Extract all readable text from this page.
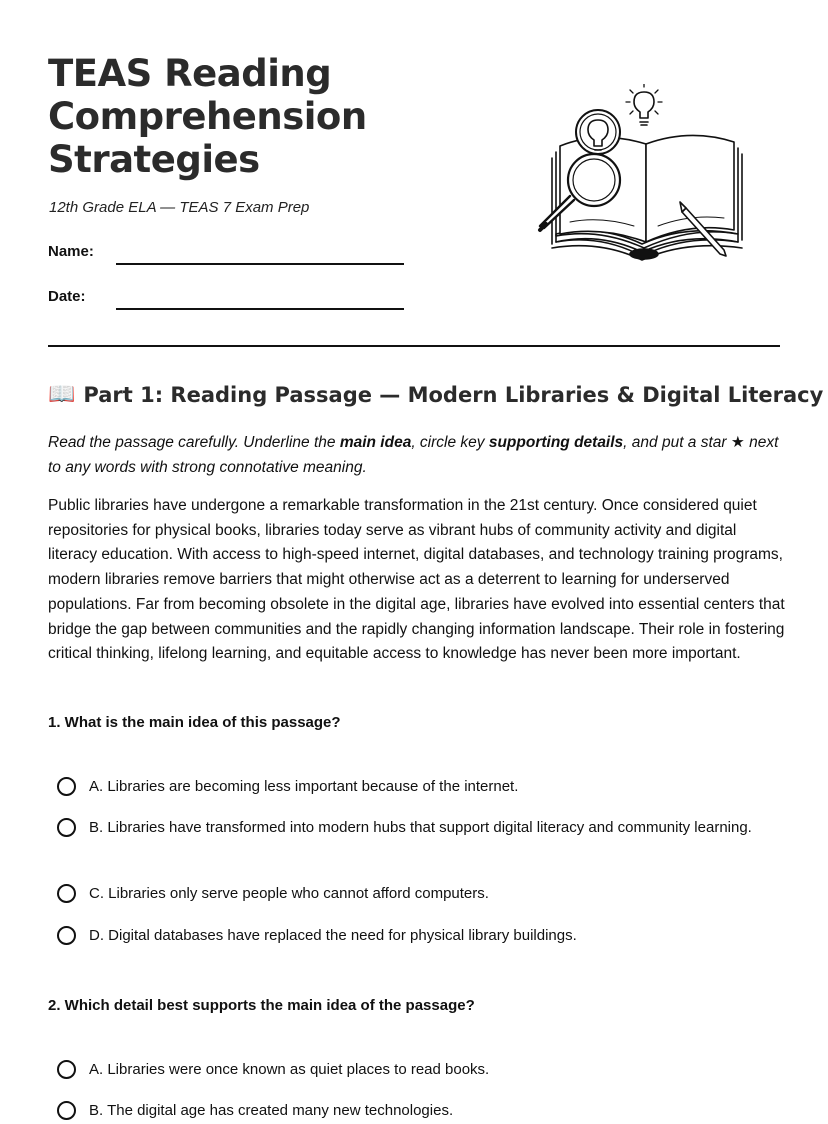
TEAS Reading Comprehension Strategies

12th Grade ELA — TEAS 7 Exam Prep

Name:
Date:
📖 Part 1: Reading Passage — Modern Libraries & Digital Literacy

Read the passage carefully. Underline the main idea, circle key supporting details, and put a star ★ next to any words with strong connotative meaning.

Public libraries have undergone a remarkable transformation in the 21st century. Once considered quiet repositories for physical books, libraries today serve as vibrant hubs of community activity and digital literacy education. With access to high-speed internet, digital databases, and technology training programs, modern libraries remove barriers that might otherwise act as a deterrent to learning for underserved populations. Far from becoming obsolete in the digital age, libraries have evolved into essential centers that bridge the gap between communities and the rapidly changing information landscape. Their role in fostering critical thinking, lifelong learning, and equitable access to knowledge has never been more important.

1. What is the main idea of this passage?

A. Libraries are becoming less important because of the internet.

B. Libraries have transformed into modern hubs that support digital literacy and community learning.

C. Libraries only serve people who cannot afford computers.

D. Digital databases have replaced the need for physical library buildings.

2. Which detail best supports the main idea of the passage?

A. Libraries were once known as quiet places to read books.

B. The digital age has created many new technologies.
